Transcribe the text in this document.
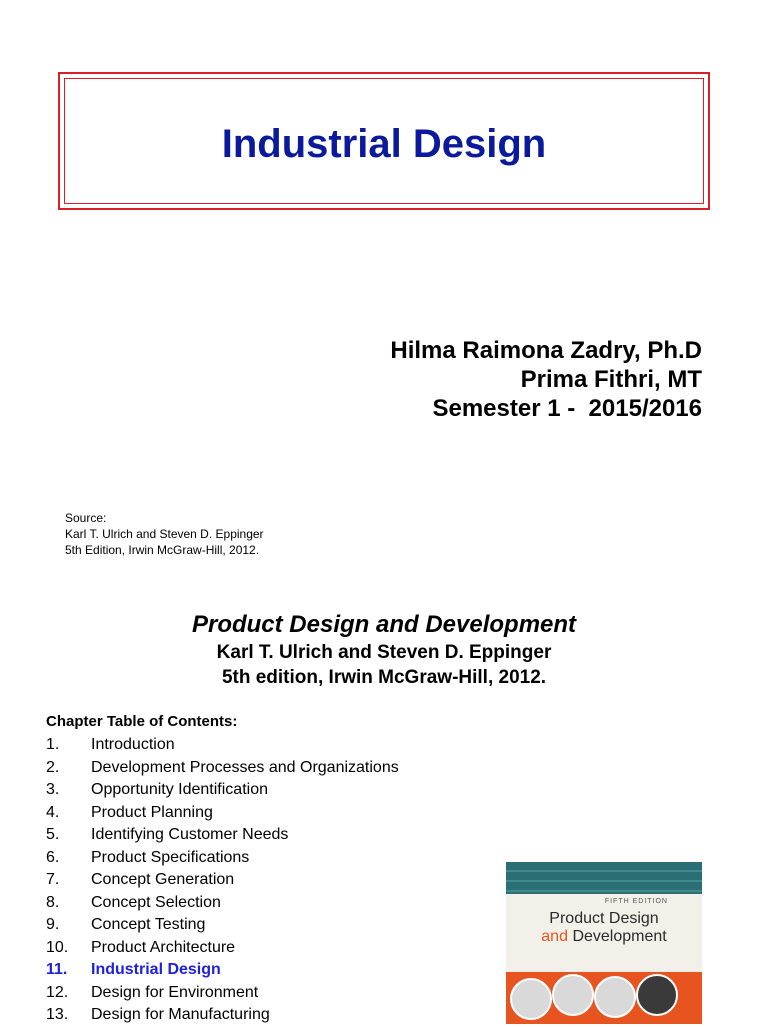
Industrial Design
Hilma Raimona Zadry, Ph.D
Prima Fithri, MT
Semester 1 -  2015/2016
Source:
Karl T. Ulrich and Steven D. Eppinger
5th Edition, Irwin McGraw-Hill, 2012.
Product Design and Development
Karl T. Ulrich and Steven D. Eppinger
5th edition, Irwin McGraw-Hill, 2012.
Chapter Table of Contents:
1. Introduction
2. Development Processes and Organizations
3. Opportunity Identification
4. Product Planning
5. Identifying Customer Needs
6. Product Specifications
7. Concept Generation
8. Concept Selection
9. Concept Testing
10. Product Architecture
11. Industrial Design
12. Design for Environment
13. Design for Manufacturing
FIFTH EDITION
Product Design
and Development
